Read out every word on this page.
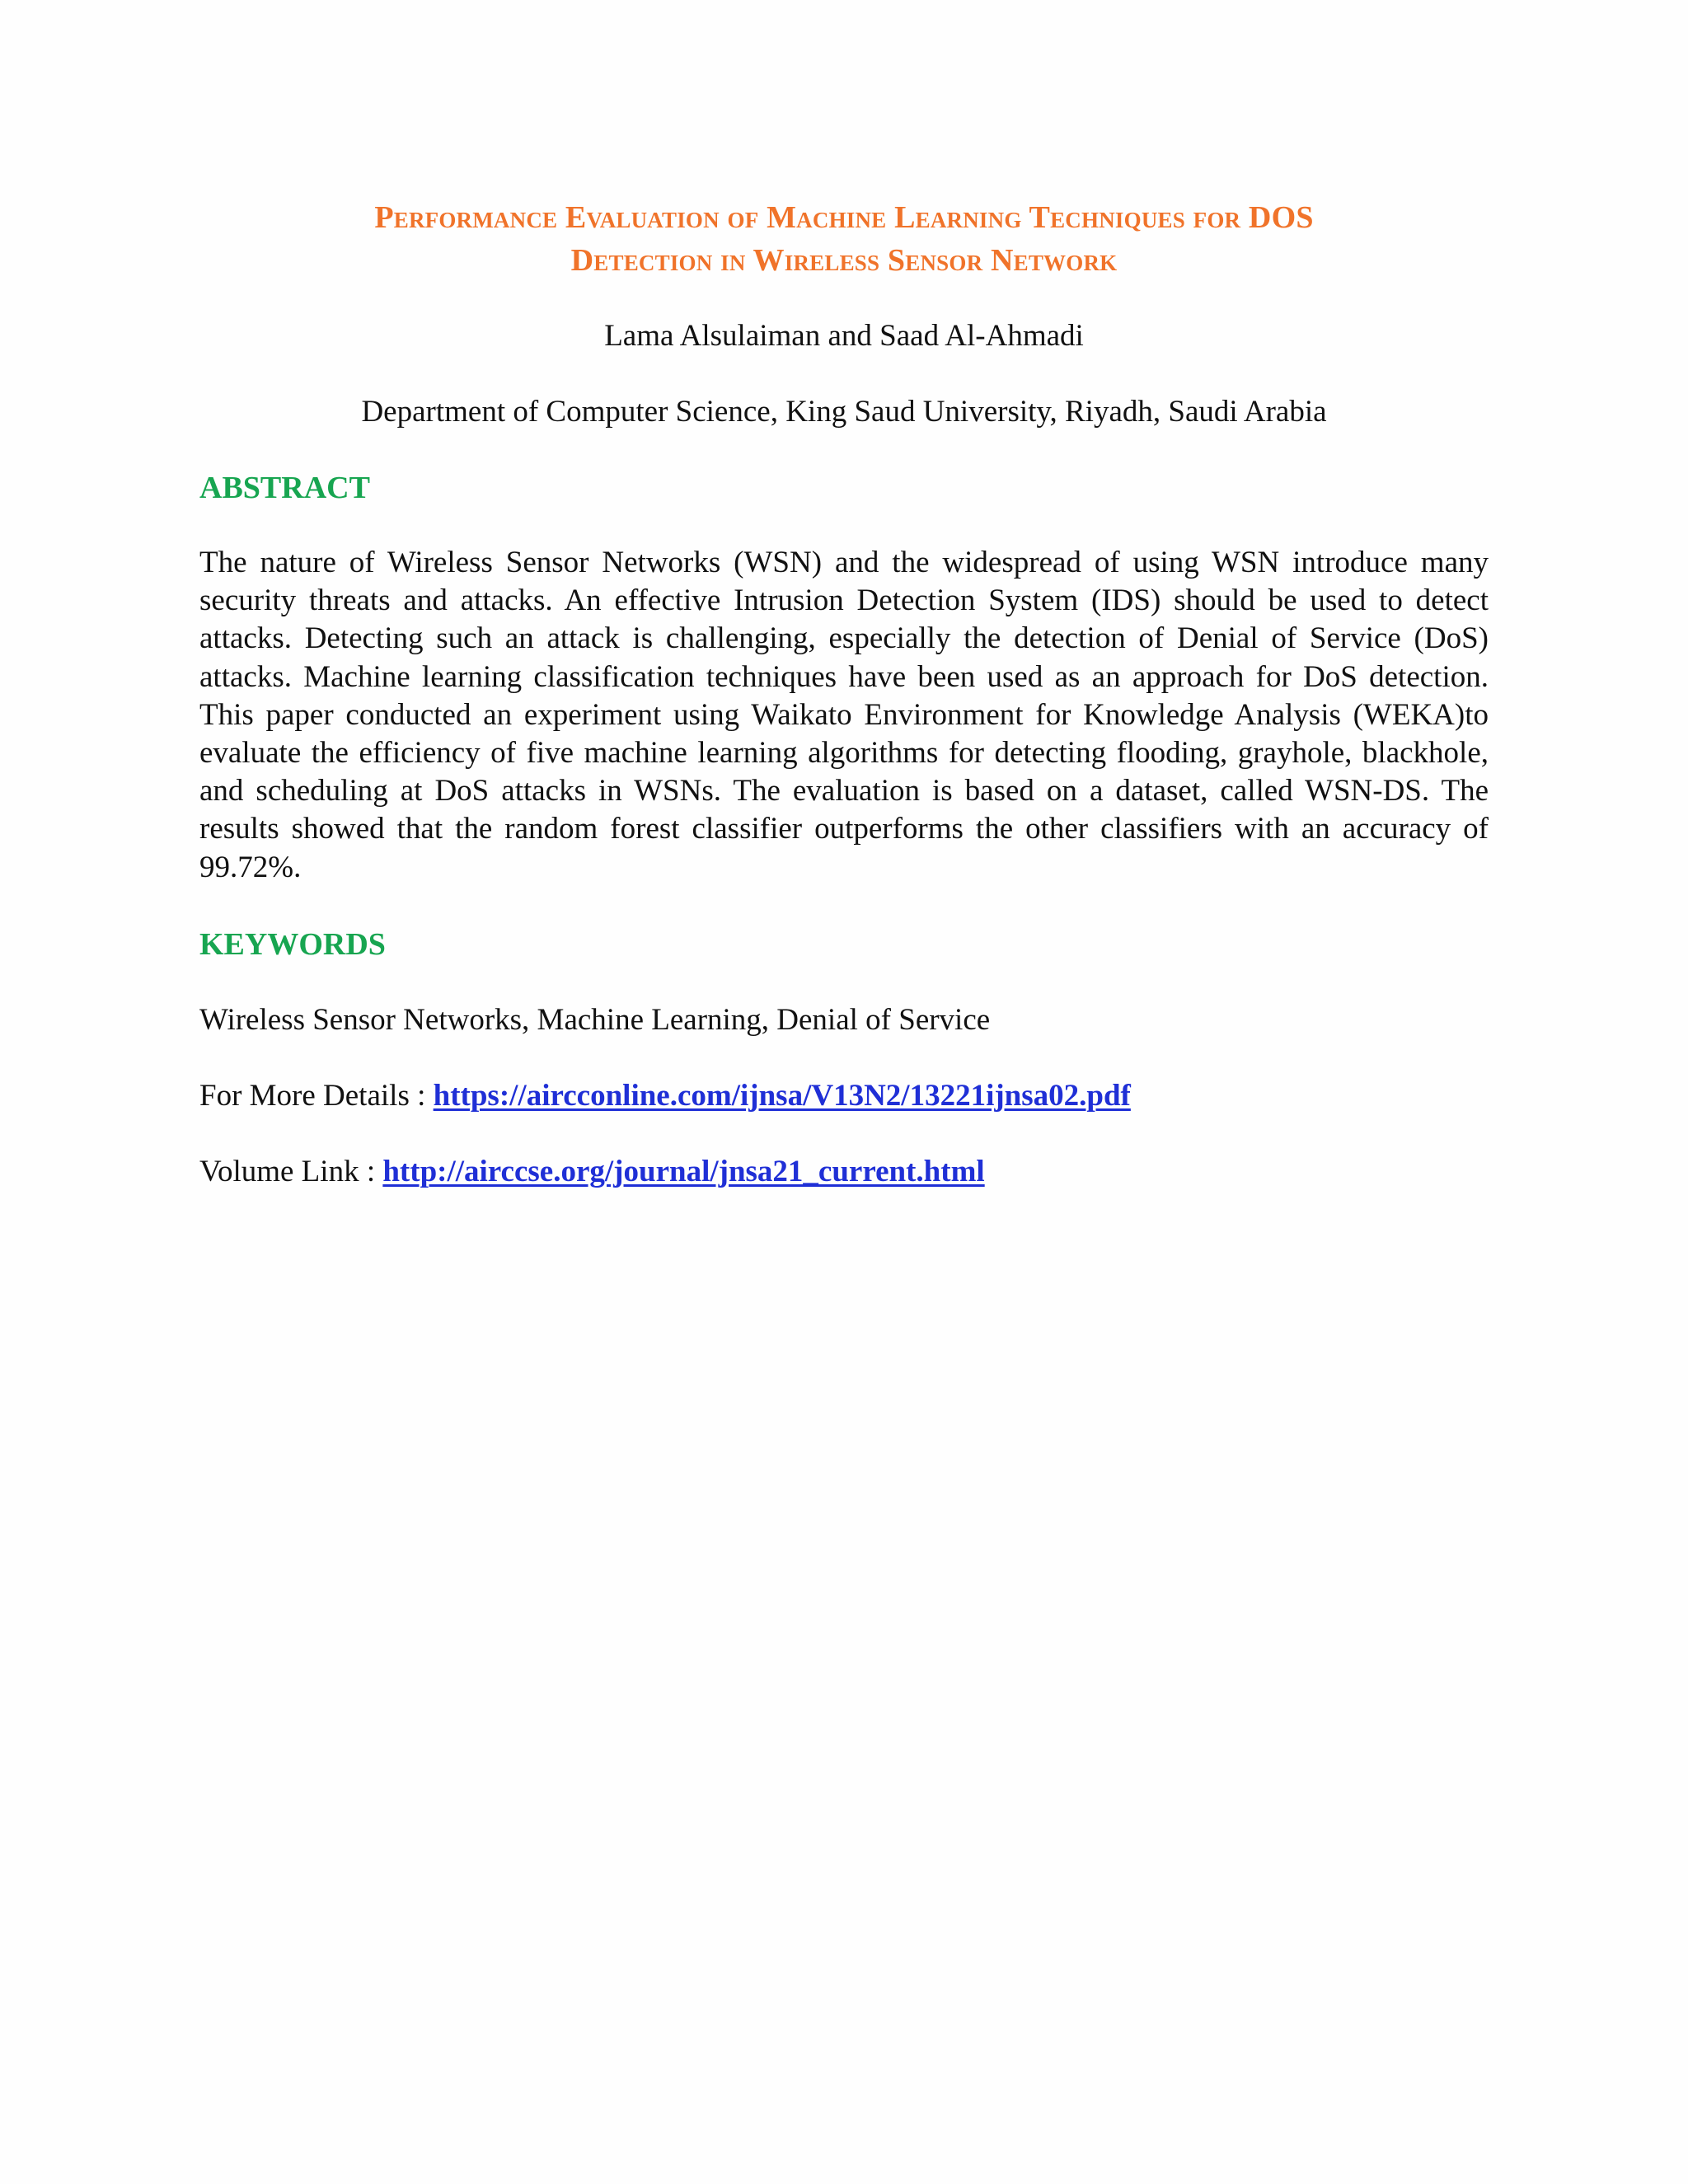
Performance Evaluation of Machine Learning Techniques for DOS
Detection in Wireless Sensor Network
Lama Alsulaiman and Saad Al-Ahmadi
Department of Computer Science, King Saud University, Riyadh, Saudi Arabia
ABSTRACT
The nature of Wireless Sensor Networks (WSN) and the widespread of using WSN introduce many security threats and attacks. An effective Intrusion Detection System (IDS) should be used to detect attacks. Detecting such an attack is challenging, especially the detection of Denial of Service (DoS) attacks. Machine learning classification techniques have been used as an approach for DoS detection. This paper conducted an experiment using Waikato Environment for Knowledge Analysis (WEKA)to evaluate the efficiency of five machine learning algorithms for detecting flooding, grayhole, blackhole, and scheduling at DoS attacks in WSNs. The evaluation is based on a dataset, called WSN-DS. The results showed that the random forest classifier outperforms the other classifiers with an accuracy of 99.72%.
KEYWORDS
Wireless Sensor Networks, Machine Learning, Denial of Service
For More Details : https://aircconline.com/ijnsa/V13N2/13221ijnsa02.pdf
Volume Link : http://airccse.org/journal/jnsa21_current.html
